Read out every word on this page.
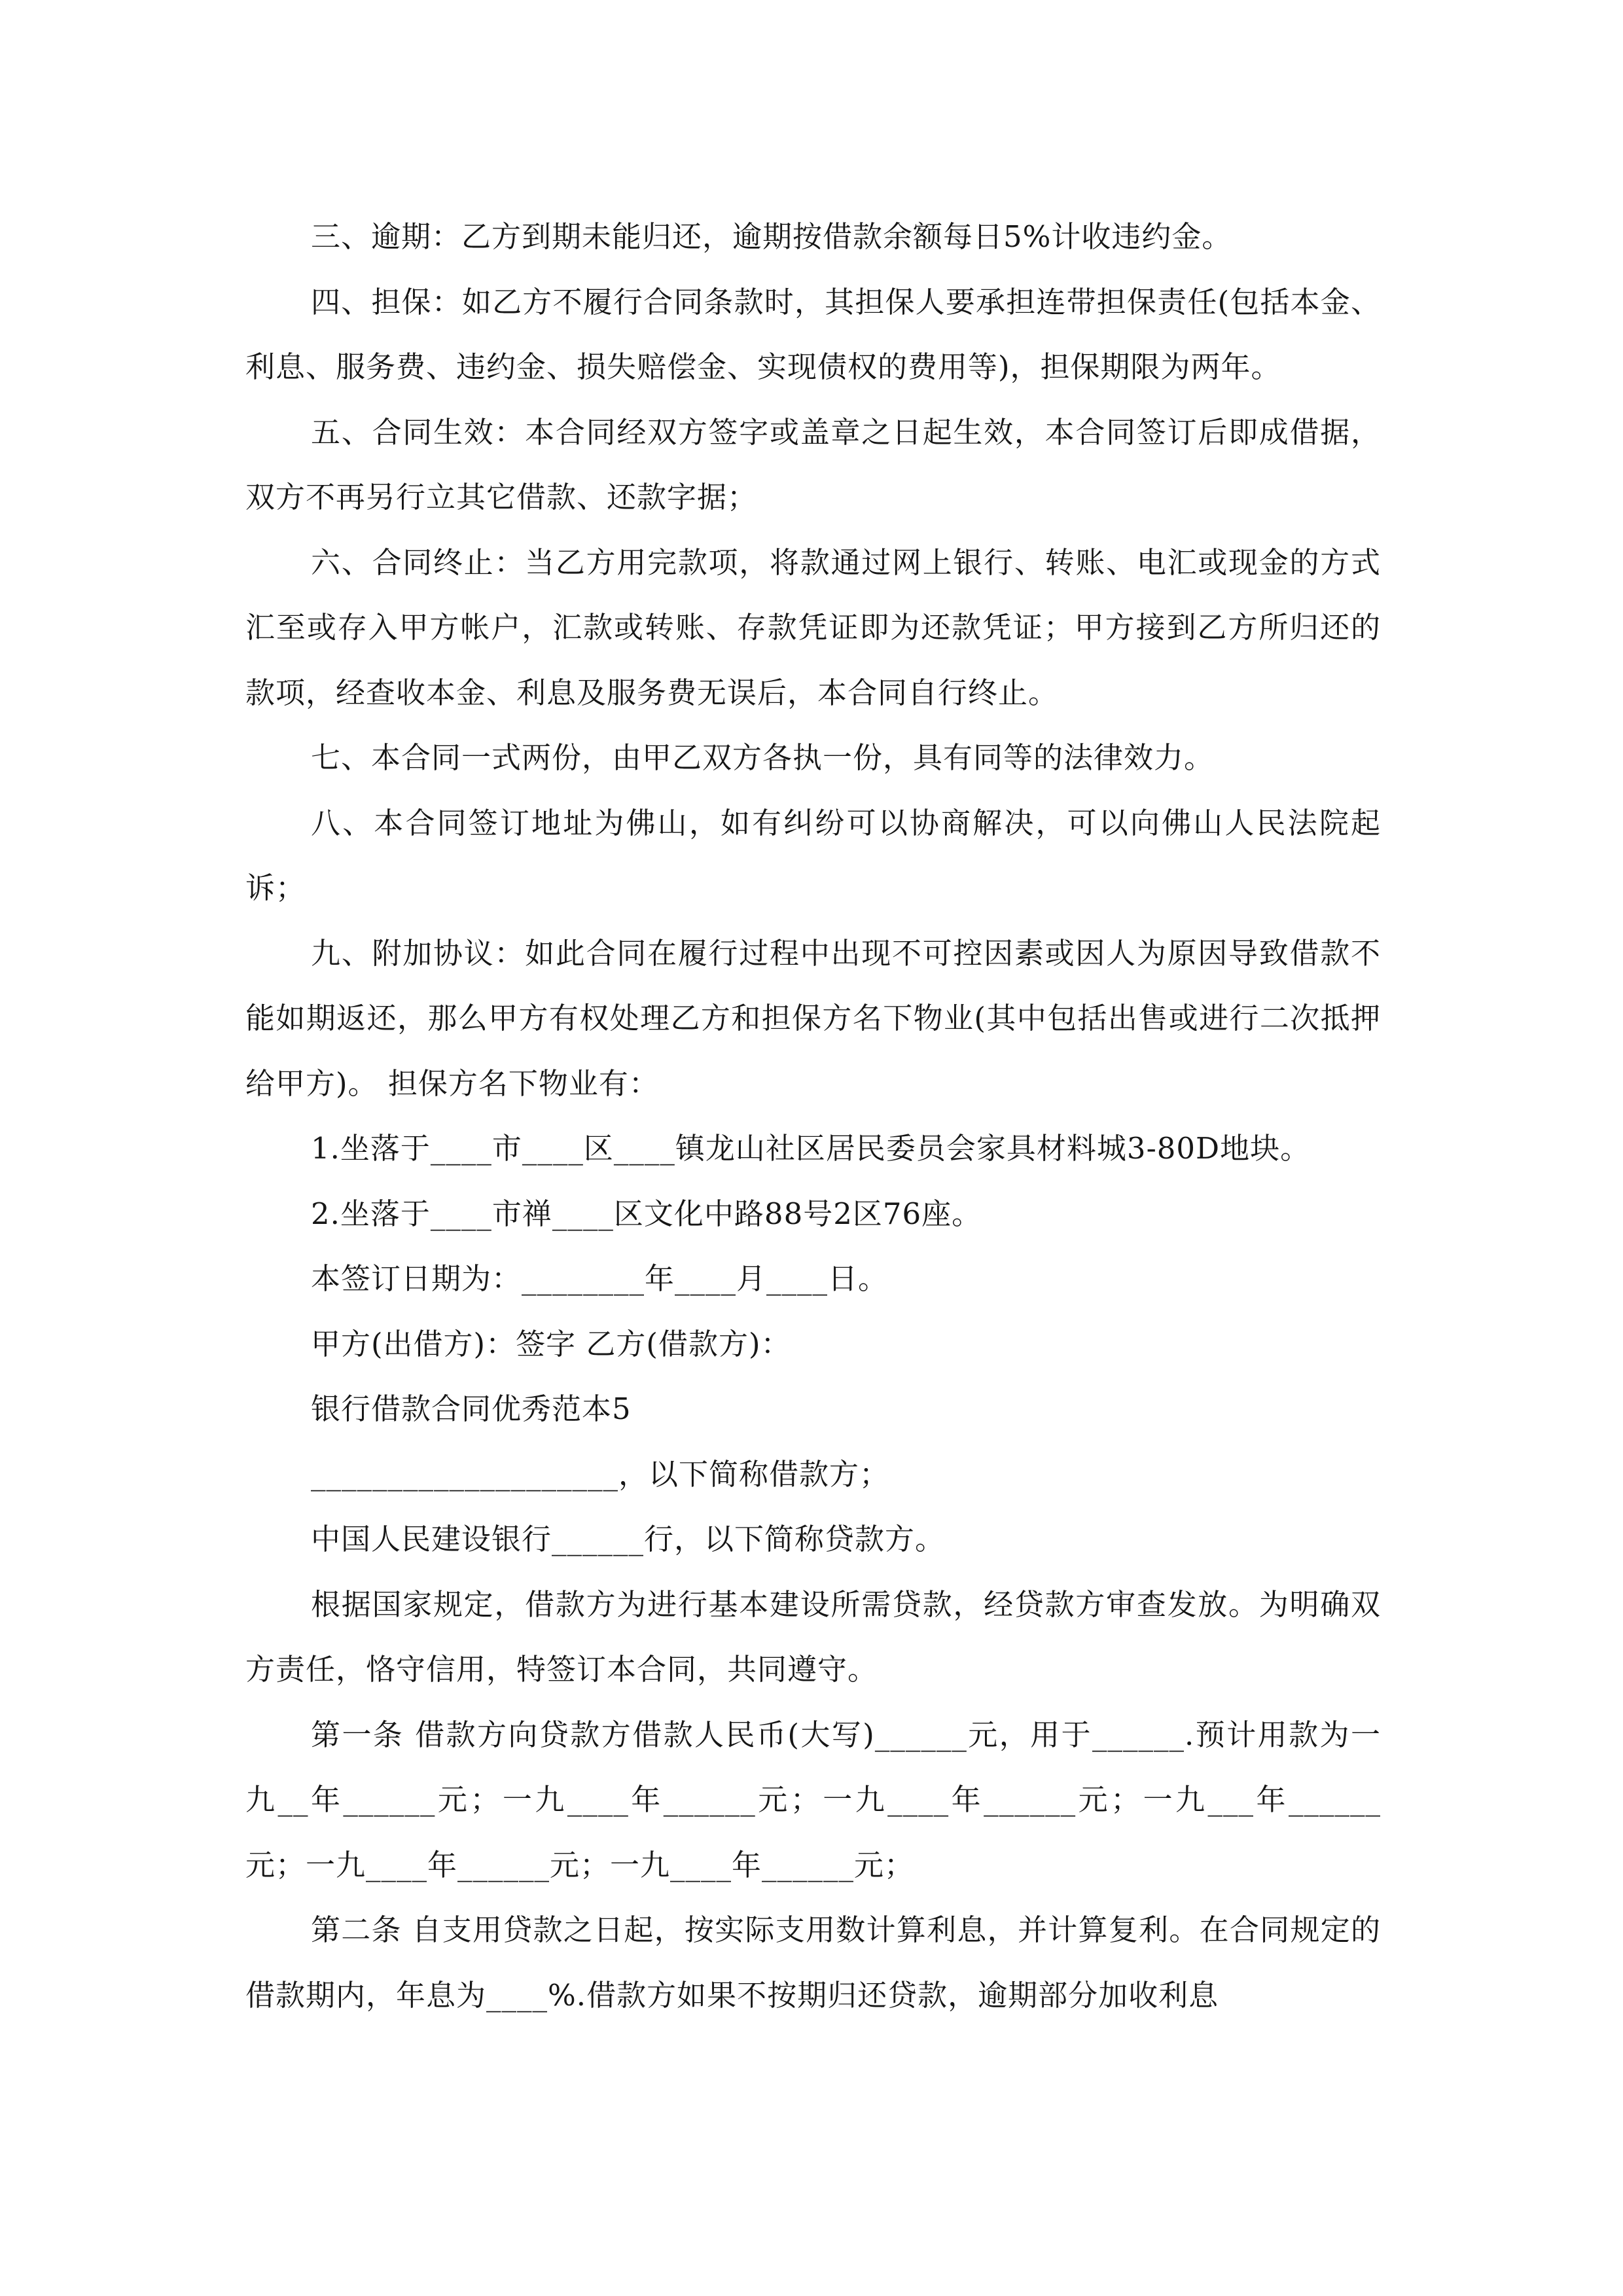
三、逾期：乙方到期未能归还，逾期按借款余额每日5%计收违约金。

四、担保：如乙方不履行合同条款时，其担保人要承担连带担保责任(包括本金、利息、服务费、违约金、损失赔偿金、实现债权的费用等)，担保期限为两年。

五、合同生效：本合同经双方签字或盖章之日起生效，本合同签订后即成借据，双方不再另行立其它借款、还款字据；

六、合同终止：当乙方用完款项，将款通过网上银行、转账、电汇或现金的方式汇至或存入甲方帐户，汇款或转账、存款凭证即为还款凭证；甲方接到乙方所归还的款项，经查收本金、利息及服务费无误后，本合同自行终止。

七、本合同一式两份，由甲乙双方各执一份，具有同等的法律效力。

八、本合同签订地址为佛山，如有纠纷可以协商解决，可以向佛山人民法院起诉；

九、附加协议：如此合同在履行过程中出现不可控因素或因人为原因导致借款不能如期返还，那么甲方有权处理乙方和担保方名下物业(其中包括出售或进行二次抵押给甲方)。 担保方名下物业有：

1.坐落于____市____区____镇龙山社区居民委员会家具材料城3-80D地块。

2.坐落于____市禅____区文化中路88号2区76座。

本签订日期为：________年____月____日。

甲方(出借方)：签字 乙方(借款方)：

银行借款合同优秀范本5

____________________，以下简称借款方；

中国人民建设银行______行，以下简称贷款方。

根据国家规定，借款方为进行基本建设所需贷款，经贷款方审查发放。为明确双方责任，恪守信用，特签订本合同，共同遵守。

第一条 借款方向贷款方借款人民币(大写)______元，用于______.预计用款为一九__年______元；一九____年______元；一九____年______元；一九___年______元；一九____年______元；一九____年______元；

第二条 自支用贷款之日起，按实际支用数计算利息，并计算复利。在合同规定的借款期内，年息为____%.借款方如果不按期归还贷款，逾期部分加收利息
